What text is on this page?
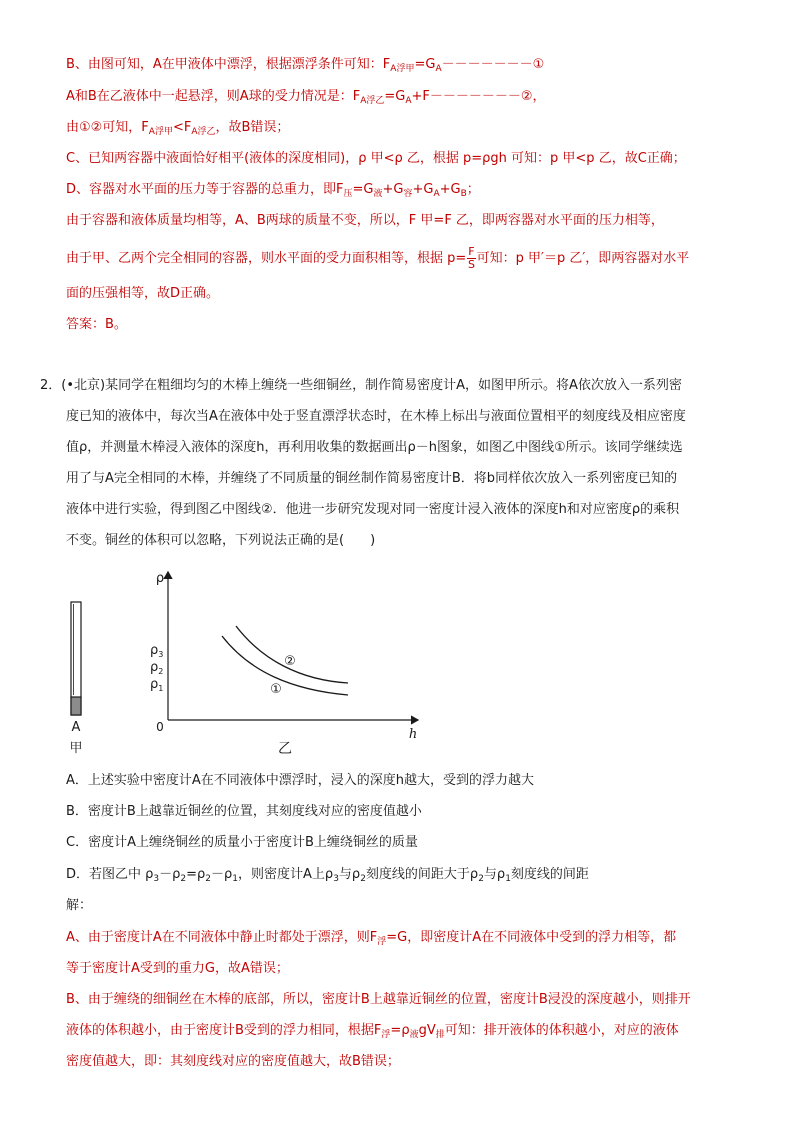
B、由图可知，A在甲液体中漂浮，根据漂浮条件可知：$F_{A浮甲}=G_A-------①$
A和B在乙液体中一起悬浮，则A球的受力情况是：$F_{A浮乙}=G_A+F-------②$，
由①②可知，$F_{A浮甲}<F_{A浮乙}$，故B错误；
C、已知两容器中液面恰好相平(液体的深度相同)，ρ 甲<ρ 乙，根据 p=ρgh 可知：p 甲<p 乙，故C正确；
D、容器对水平面的压力等于容器的总重力，即$F_压=G_液+G_容+G_A+G_B$；
由于容器和液体质量均相等，A、B两球的质量不变，所以，F 甲=F 乙，即两容器对水平面的压力相等，
由于甲、乙两个完全相同的容器，则水平面的受力面积相等，根据 $p= \frac{F}{S}$ 可知：p 甲′＝p 乙′，即两容器对水平
面的压强相等，故D正确。
答案：B。
2．(•北京)某同学在粗细均匀的木棒上缠绕一些细铜丝，制作简易密度计A，如图甲所示。将A依次放入一系列密
度已知的液体中，每次当A在液体中处于竖直漂浮状态时，在木棒上标出与液面位置相平的刻度线及相应密度
值ρ，并测量木棒浸入液体的深度h，再利用收集的数据画出ρ－h图象，如图乙中图线①所示。该同学继续选
用了与A完全相同的木棒，并缠绕了不同质量的铜丝制作简易密度计B．将b同样依次放入一系列密度已知的
液体中进行实验，得到图乙中图线②．他进一步研究发现对同一密度计浸入液体的深度h和对应密度ρ的乘积
不变。铜丝的体积可以忽略，下列说法正确的是(　　)
A
甲
ρ
h
0
$\rho_3$
$\rho_2$
$\rho_1$
②
①
乙
A．上述实验中密度计A在不同液体中漂浮时，浸入的深度h越大，受到的浮力越大
B．密度计B上越靠近铜丝的位置，其刻度线对应的密度值越小
C．密度计A上缠绕铜丝的质量小于密度计B上缠绕铜丝的质量
D．若图乙中 $\rho_3-\rho_2=\rho_2-\rho_1$，则密度计A上$\rho_3$与$\rho_2$刻度线的间距大于$\rho_2$与$\rho_1$刻度线的间距
解：
A、由于密度计A在不同液体中静止时都处于漂浮，则$F_浮=G$，即密度计A在不同液体中受到的浮力相等，都
等于密度计A受到的重力G，故A错误；
B、由于缠绕的细铜丝在木棒的底部，所以，密度计B上越靠近铜丝的位置，密度计B浸没的深度越小，则排开
液体的体积越小，由于密度计B受到的浮力相同，根据$F_浮=\rho_液gV_排$可知：排开液体的体积越小，对应的液体
密度值越大，即：其刻度线对应的密度值越大，故B错误；
